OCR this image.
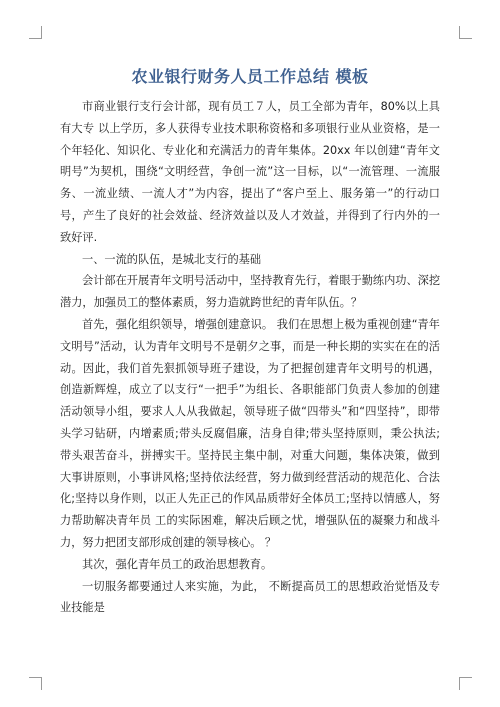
农业银行财务人员工作总结 模板

市商业银行支行会计部，现有员工７人，员工全部为青年，80%以上具有大专 以上学历，多人获得专业技术职称资格和多项银行业从业资格，是一个年轻化、知识化、专业化和充满活力的青年集体。20xx 年以创建“青年文明号”为契机，围绕“文明经营，争创一流”这一目标，以“一流管理、一流服务、一流业绩、一流人才”为内容，提出了“客户至上、服务第一”的行动口号，产生了良好的社会效益、经济效益以及人才效益，并得到了行内外的一致好评.

一、一流的队伍，是城北支行的基础

会计部在开展青年文明号活动中，坚持教育先行，着眼于勤练内功、深挖潜力，加强员工的整体素质，努力造就跨世纪的青年队伍。？

首先，强化组织领导，增强创建意识。 我们在思想上极为重视创建“青年文明号”活动，认为青年文明号不是朝夕之事，而是一种长期的实实在在的活动。因此，我们首先狠抓领导班子建设，为了把握创建青年文明号的机遇，创造新辉煌，成立了以支行“一把手”为组长、各职能部门负责人参加的创建活动领导小组，要求人人从我做起，领导班子做“四带头”和“四坚持”，即带头学习钻研，内增素质;带头反腐倡廉，洁身自律;带头坚持原则，秉公执法;带头艰苦奋斗，拼搏实干。坚持民主集中制，对重大问题，集体决策，做到大事讲原则，小事讲风格;坚持依法经营，努力做到经营活动的规范化、合法化;坚持以身作则，以正人先正己的作风品质带好全体员工;坚持以情感人，努力帮助解决青年员 工的实际困难，解决后顾之忧，增强队伍的凝聚力和战斗力，努力把团支部形成创建的领导核心。 ？

其次，强化青年员工的政治思想教育。

一切服务都要通过人来实施，为此， 不断提高员工的思想政治觉悟及专业技能是
